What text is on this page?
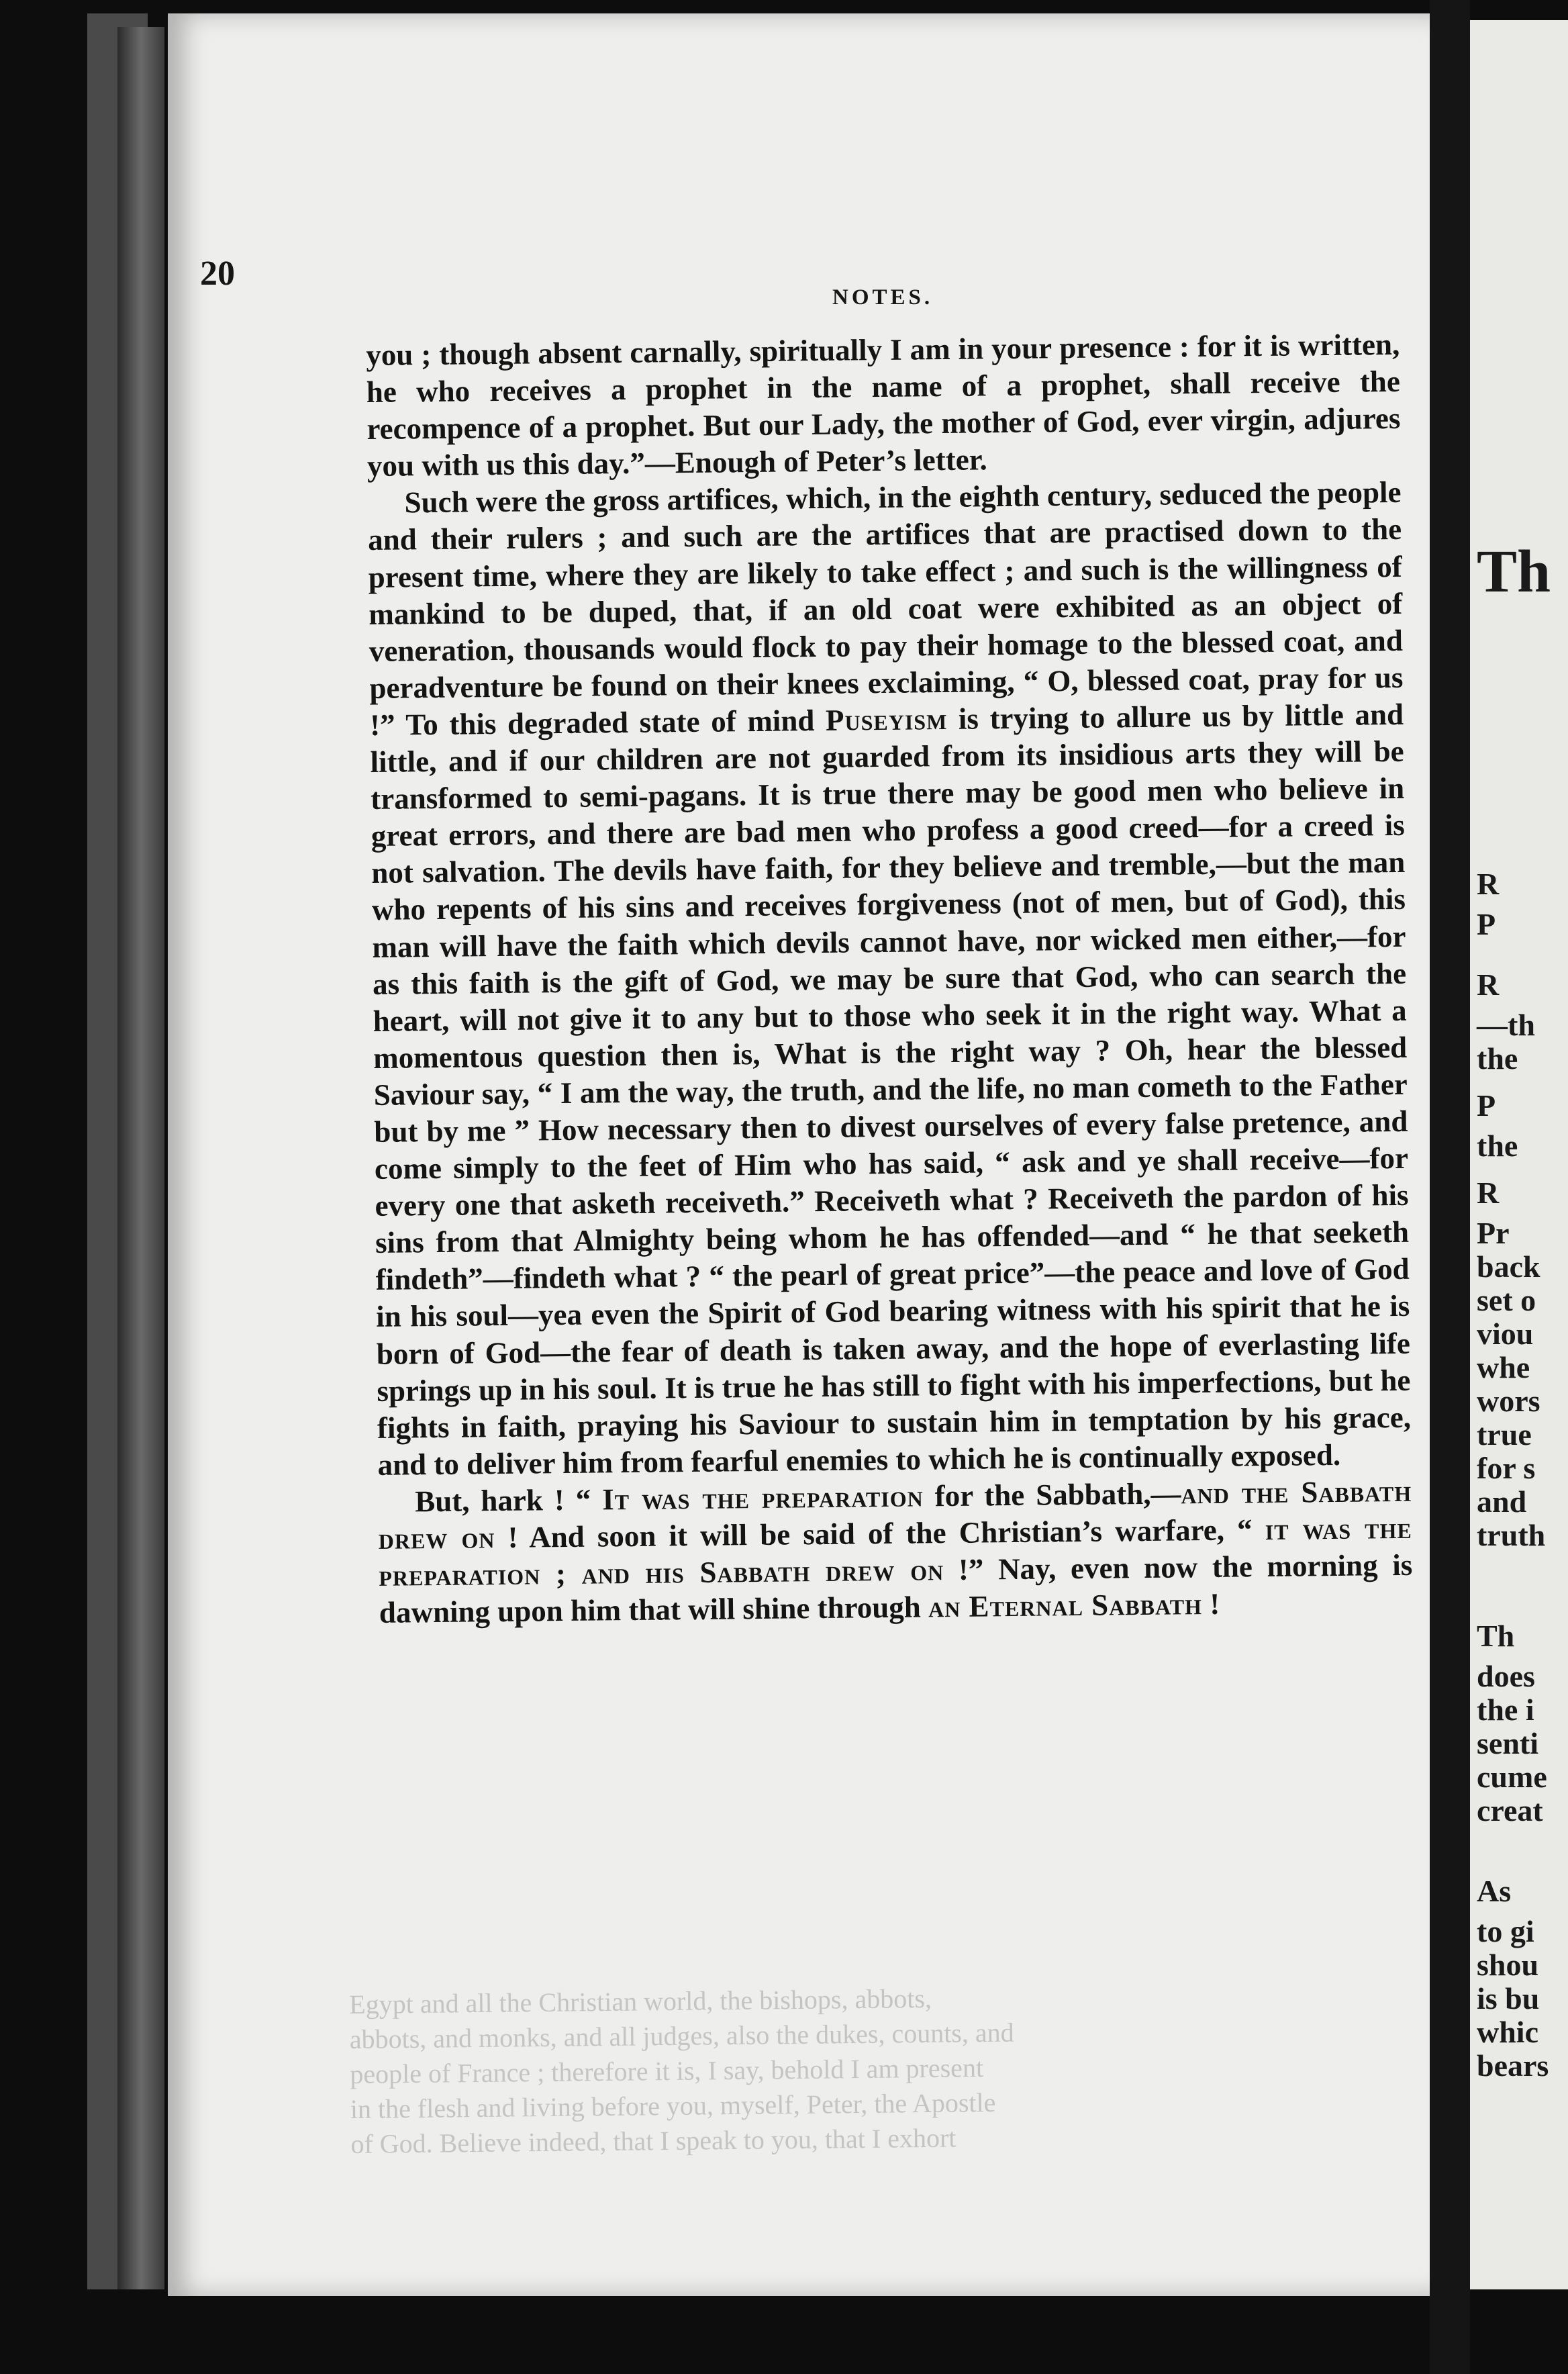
20

NOTES.

you ; though absent carnally, spiritually I am in your presence : for it is written, he who receives a prophet in the name of a prophet, shall receive the recompence of a prophet. But our Lady, the mother of God, ever virgin, adjures you with us this day.”—Enough of Peter’s letter.

Such were the gross artifices, which, in the eighth century, seduced the people and their rulers ; and such are the artifices that are practised down to the present time, where they are likely to take effect ; and such is the willingness of mankind to be duped, that, if an old coat were exhibited as an object of veneration, thousands would flock to pay their homage to the blessed coat, and peradventure be found on their knees exclaiming, “ O, blessed coat, pray for us !” To this degraded state of mind Puseyism is trying to allure us by little and little, and if our children are not guarded from its insidious arts they will be transformed to semi-pagans. It is true there may be good men who believe in great errors, and there are bad men who profess a good creed—for a creed is not salvation. The devils have faith, for they believe and tremble,—but the man who repents of his sins and receives forgiveness (not of men, but of God), this man will have the faith which devils cannot have, nor wicked men either,—for as this faith is the gift of God, we may be sure that God, who can search the heart, will not give it to any but to those who seek it in the right way. What a momentous question then is, What is the right way ? Oh, hear the blessed Saviour say, “ I am the way, the truth, and the life, no man cometh to the Father but by me ” How necessary then to divest ourselves of every false pretence, and come simply to the feet of Him who has said, “ ask and ye shall receive—for every one that asketh receiveth.” Receiveth what ? Receiveth the pardon of his sins from that Almighty being whom he has offended—and “ he that seeketh findeth”—findeth what ? “ the pearl of great price”—the peace and love of God in his soul—yea even the Spirit of God bearing witness with his spirit that he is born of God—the fear of death is taken away, and the hope of everlasting life springs up in his soul. It is true he has still to fight with his imperfections, but he fights in faith, praying his Saviour to sustain him in temptation by his grace, and to deliver him from fearful enemies to which he is continually exposed.

But, hark ! “ It was the preparation for the Sabbath,—and the Sabbath drew on ! And soon it will be said of the Christian’s warfare, “ it was the preparation ; and his Sabbath drew on !” Nay, even now the morning is dawning upon him that will shine through an Eternal Sabbath !

Egypt and all the Christian world, the bishops, abbots,

abbots, and monks, and all judges, also the dukes, counts, and

people of France ; therefore it is, I say, behold I am present

in the flesh and living before you, myself, Peter, the Apostle

of God. Believe indeed, that I speak to you, that I exhort

Th
R
P
R
—th
the
P
the
R
Pr
back
set o
viou
whe
wors
true
for s
and
truth
Th
does
the i
senti
cume
creat
As
to gi
shou
is bu
whic
bears
